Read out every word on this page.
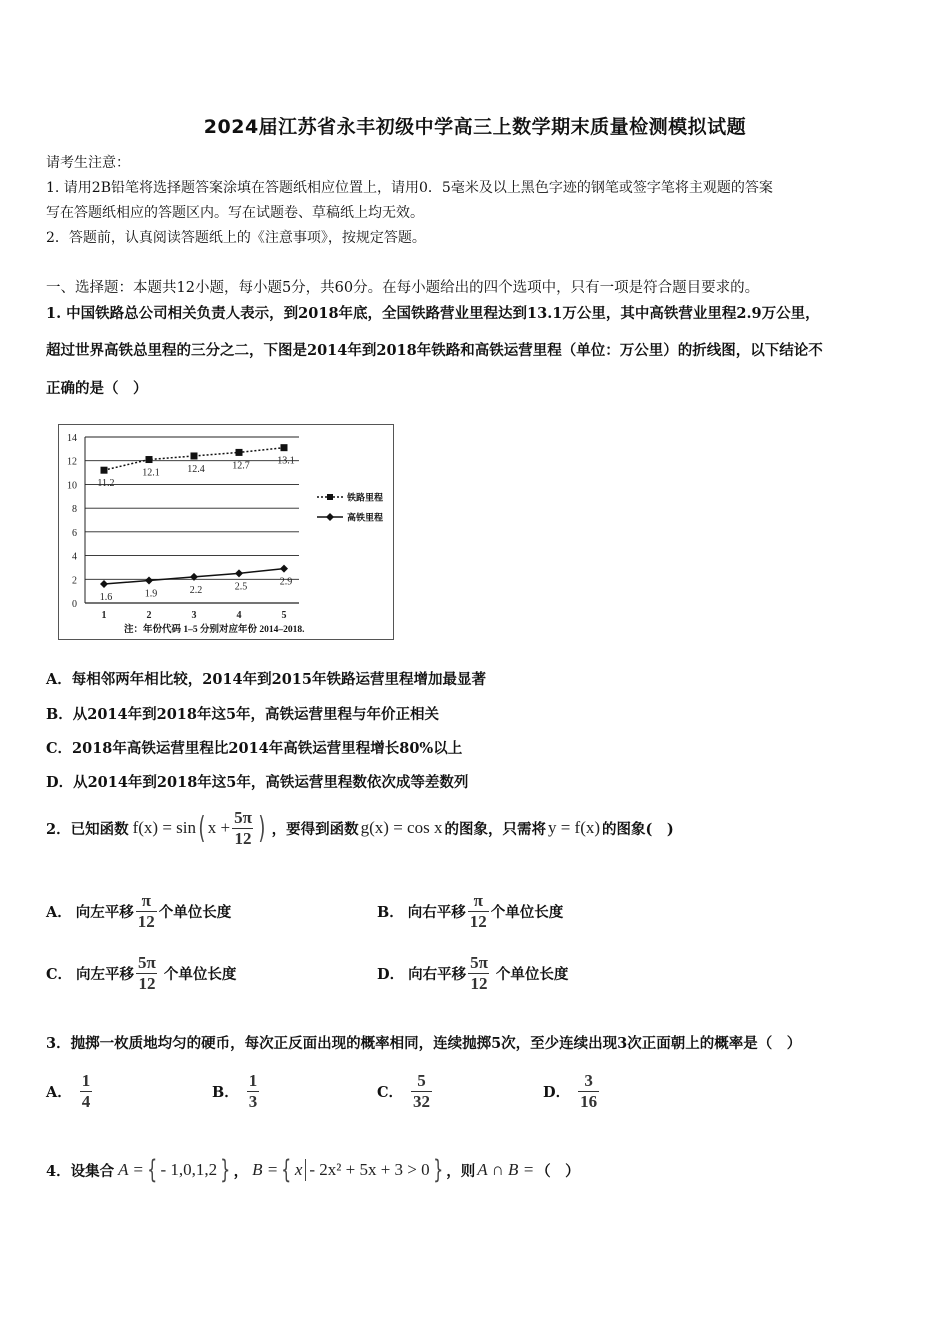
2024届江苏省永丰初级中学高三上数学期末质量检测模拟试题
请考生注意：
1. 请用2B铅笔将选择题答案涂填在答题纸相应位置上，请用0．5毫米及以上黑色字迹的钢笔或签字笔将主观题的答案
写在答题纸相应的答题区内。写在试题卷、草稿纸上均无效。
2．答题前，认真阅读答题纸上的《注意事项》，按规定答题。
一、选择题：本题共12小题，每小题5分，共60分。在每小题给出的四个选项中，只有一项是符合题目要求的。
1. 中国铁路总公司相关负责人表示，到2018年底，全国铁路营业里程达到13.1万公里，其中高铁营业里程2.9万公里，
超过世界高铁总里程的三分之二，下图是2014年到2018年铁路和高铁运营里程（单位：万公里）的折线图，以下结论不
正确的是（　）
0
2
4
6
8
10
12
14
1	2	3	4	5
11.2
12.1	12.4	12.7	13.1
1.6	1.9	2.2	2.5	2.9
铁路里程
高铁里程
注：年份代码 1–5 分别对应年份 2014–2018.
A．每相邻两年相比较，2014年到2015年铁路运营里程增加最显著
B．从2014年到2018年这5年，高铁运营里程与年价正相关
C．2018年高铁运营里程比2014年高铁运营里程增长80%以上
D．从2014年到2018年这5年，高铁运营里程数依次成等差数列
2．已知函数 f(x) = sin ( $x + \frac{5\pi}{12}$ ) ，要得到函数 g(x) = cos x 的图象，只需将 y = f(x) 的图象(　)
A． 向左平移 $\frac{\pi}{12}$ 个单位长度	B． 向右平移 $\frac{\pi}{12}$ 个单位长度
C． 向左平移 $\frac{5\pi}{12}$ 个单位长度	D． 向右平移 $\frac{5\pi}{12}$ 个单位长度
3．抛掷一枚质地均匀的硬币，每次正反面出现的概率相同，连续抛掷5次，至少连续出现3次正面朝上的概率是（　）
A． $\frac{1}{4}$	B． $\frac{1}{3}$	C． $\frac{5}{32}$	D． $\frac{3}{16}$
4．设集合 A = { - 1,0,1,2 } ， B = { x - 2x² + 5x + 3 > 0 } ，则 A ∩ B = （　）
